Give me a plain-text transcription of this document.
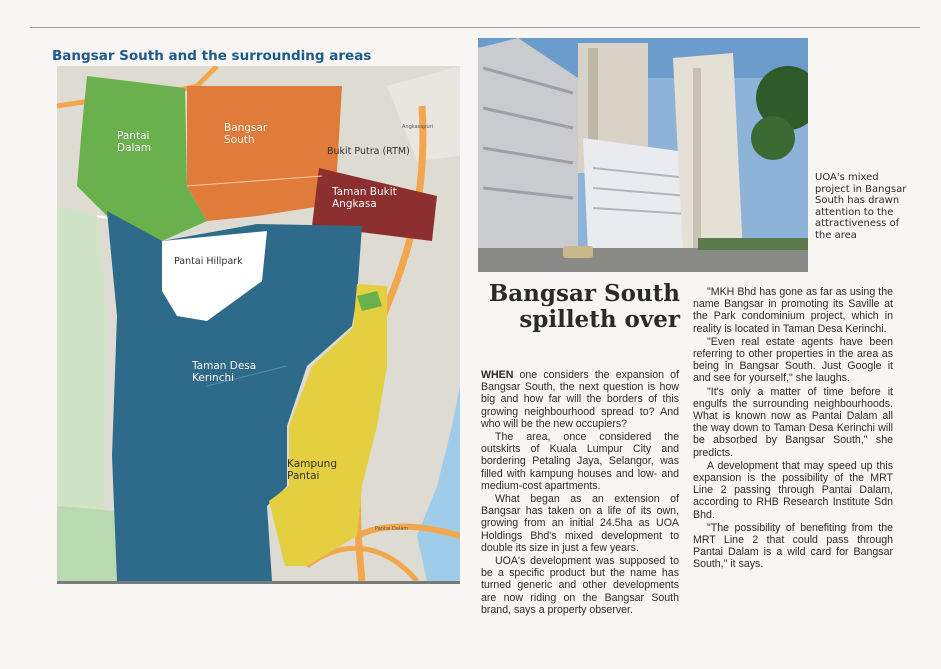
Bangsar South and the surrounding areas
Pantai
Dalam
Bangsar
South
Bukit Putra (RTM)
Taman Bukit
Angkasa
Pantai Hillpark
Taman Desa
Kerinchi
Kampung
Pantai
Angkasapuri
Pantai Dalam
UOA's mixed project in Bangsar South has drawn attention to the attractiveness of the area
Bangsar South
spilleth over

WHEN one considers the expansion of Bangsar South, the next question is how big and how far will the borders of this growing neighbourhood spread to? And who will be the new occupiers?

The area, once considered the outskirts of Kuala Lumpur City and bordering Petaling Jaya, Selangor, was filled with kampung houses and low- and medium-cost apartments.

What began as an extension of Bangsar has taken on a life of its own, growing from an initial 24.5ha as UOA Holdings Bhd's mixed development to double its size in just a few years.

UOA's development was supposed to be a specific product but the name has turned generic and other developments are now riding on the Bangsar South brand, says a property observer.

"MKH Bhd has gone as far as using the name Bangsar in promoting its Saville at the Park condominium project, which in reality is located in Taman Desa Kerinchi.

"Even real estate agents have been referring to other properties in the area as being in Bangsar South. Just Google it and see for yourself," she laughs.

"It's only a matter of time before it engulfs the surrounding neighbourhoods. What is known now as Pantai Dalam all the way down to Taman Desa Kerinchi will be absorbed by Bangsar South," she predicts.

A development that may speed up this expansion is the possibility of the MRT Line 2 passing through Pantai Dalam, according to RHB Research Institute Sdn Bhd.

"The possibility of benefiting from the MRT Line 2 that could pass through Pantai Dalam is a wild card for Bangsar South," it says.
